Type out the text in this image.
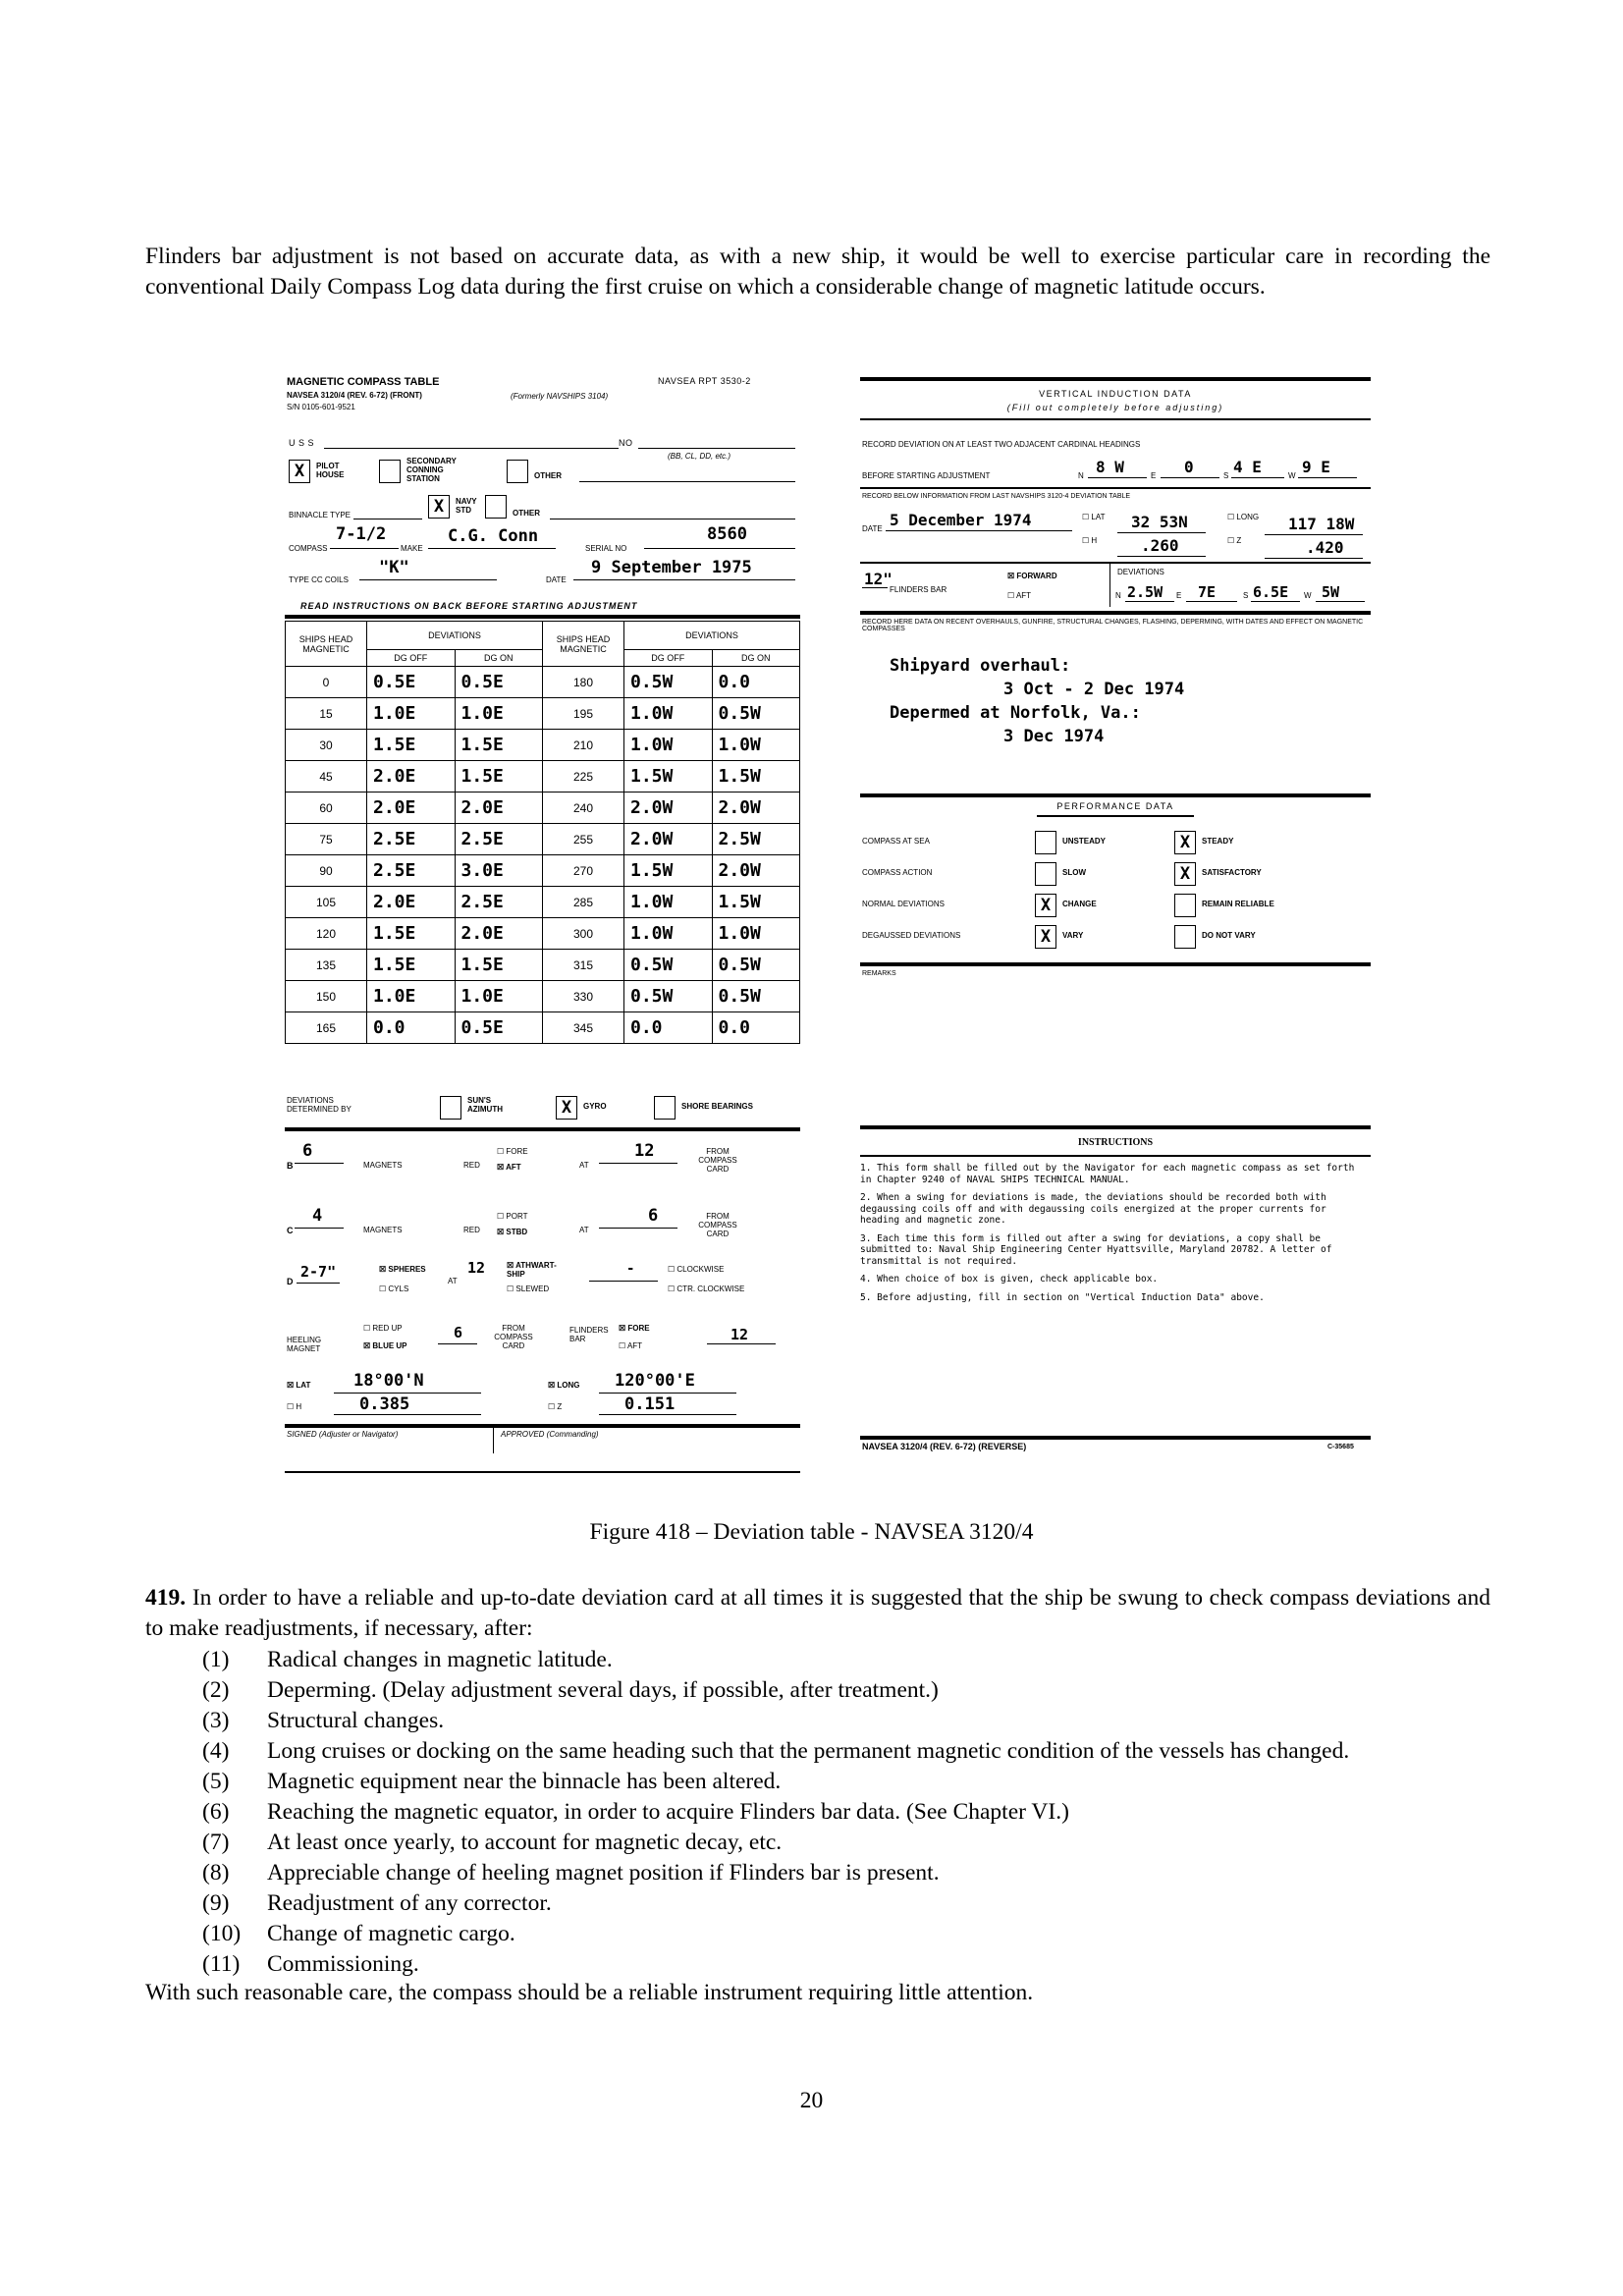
Flinders bar adjustment is not based on accurate data, as with a new ship, it would be well to exercise particular care in recording the conventional Daily Compass Log data during the first cruise on which a considerable change of magnetic latitude occurs.
MAGNETIC COMPASS TABLE	NAVSEA RPT 3530-2
NAVSEA 3120/4 (REV. 6-72) (FRONT)	(Formerly NAVSHIPS 3104)
S/N 0105-601-9521
U S S	NO
(BB, CL, DD, etc.)
X	PILOT HOUSE
SECONDARY CONNING STATION	OTHER
BINNACLE TYPE	X	NAVY STD	OTHER
COMPASS
7-1/2
MAKE
C.G. Conn
SERIAL NO
8560
TYPE CC COILS
"K"
DATE
9 September 1975
READ INSTRUCTIONS ON BACK BEFORE STARTING ADJUSTMENT
SHIPS HEAD MAGNETIC	DEVIATIONS		SHIPS HEAD MAGNETIC	DEVIATIONS	
	DG OFF	DG ON		DG OFF	DG ON
0	0.5E	0.5E	180	0.5W	0.0
15	1.0E	1.0E	195	1.0W	0.5W
30	1.5E	1.5E	210	1.0W	1.0W
45	2.0E	1.5E	225	1.5W	1.5W
60	2.0E	2.0E	240	2.0W	2.0W
75	2.5E	2.5E	255	2.0W	2.5W
90	2.5E	3.0E	270	1.5W	2.0W
105	2.0E	2.5E	285	1.0W	1.5W
120	1.5E	2.0E	300	1.0W	1.0W
135	1.5E	1.5E	315	0.5W	0.5W
150	1.0E	1.0E	330	0.5W	0.5W
165	0.0	0.5E	345	0.0	0.0
DEVIATIONS DETERMINED BY
SUN'S AZIMUTH	X	GYRO	SHORE BEARINGS
B
6
MAGNETS	RED
☐ FORE
☒ AFT	AT
12	FROM COMPASS CARD
C
4
MAGNETS	RED
☐ PORT
☒ STBD	AT
6	FROM COMPASS CARD
D
2-7"	☒ SPHERES
☐ CYLS
AT
12	☒ ATHWART-SHIP
☐ SLEWED
-	☐ CLOCKWISE
☐ CTR. CLOCKWISE
HEELING MAGNET
☐ RED UP
☒ BLUE UP
6	FROM COMPASS CARD
FLINDERS BAR
☒ FORE
☐ AFT
12
☒ LAT	18°00'N
☐ H	0.385
☒ LONG 120°00'E
☐ Z	0.151
SIGNED (Adjuster or Navigator)	APPROVED (Commanding)
VERTICAL INDUCTION DATA
(Fill out completely before adjusting)
RECORD DEVIATION ON AT LEAST TWO ADJACENT CARDINAL HEADINGS
BEFORE STARTING ADJUSTMENT	N 8 W	E 0	S 4 E	W 9 E
RECORD BELOW INFORMATION FROM LAST NAVSHIPS 3120-4 DEVIATION TABLE
DATE 5 December 1974	☐ LAT 32 53N	☐ LONG 117 18W
☐ H	.260	☐ Z	.420
12"
FLINDERS BAR
☒ FORWARD
☐ AFT
DEVIATIONS
N 2.5W E 7E	S 6.5E W 5W
RECORD HERE DATA ON RECENT OVERHAULS, GUNFIRE, STRUCTURAL CHANGES, FLASHING, DEPERMING, WITH DATES AND EFFECT ON MAGNETIC COMPASSES
Shipyard overhaul:
3 Oct - 2 Dec 1974
Depermed at Norfolk, Va.:
3 Dec 1974
PERFORMANCE DATA
COMPASS AT SEA	UNSTEADY	X	STEADY
COMPASS ACTION	SLOW	X	SATISFACTORY
NORMAL DEVIATIONS	X	CHANGE	REMAIN RELIABLE
DEGAUSSED DEVIATIONS	X	VARY	DO NOT VARY
REMARKS
INSTRUCTIONS
1. This form shall be filled out by the Navigator for each magnetic compass as set forth in Chapter 9240 of NAVAL SHIPS TECHNICAL MANUAL.
2. When a swing for deviations is made, the deviations should be recorded both with degaussing coils off and with degaussing coils energized at the proper currents for heading and magnetic zone.
3. Each time this form is filled out after a swing for deviations, a copy shall be submitted to: Naval Ship Engineering Center Hyattsville, Maryland 20782. A letter of transmittal is not required.
4. When choice of box is given, check applicable box.
5. Before adjusting, fill in section on "Vertical Induction Data" above.
NAVSEA 3120/4 (REV. 6-72) (REVERSE)	C-35685
Figure 418 – Deviation table - NAVSEA 3120/4
419. In order to have a reliable and up-to-date deviation card at all times it is suggested that the ship be swung to check compass deviations and to make readjustments, if necessary, after:
(1)	Radical changes in magnetic latitude.
(2)	Deperming. (Delay adjustment several days, if possible, after treatment.)
(3)	Structural changes.
(4)	Long cruises or docking on the same heading such that the permanent magnetic condition of the vessels has changed.
(5)	Magnetic equipment near the binnacle has been altered.
(6)	Reaching the magnetic equator, in order to acquire Flinders bar data. (See Chapter VI.)
(7)	At least once yearly, to account for magnetic decay, etc.
(8)	Appreciable change of heeling magnet position if Flinders bar is present.
(9)	Readjustment of any corrector.
(10)	Change of magnetic cargo.
(11)	Commissioning.
With such reasonable care, the compass should be a reliable instrument requiring little attention.
20
